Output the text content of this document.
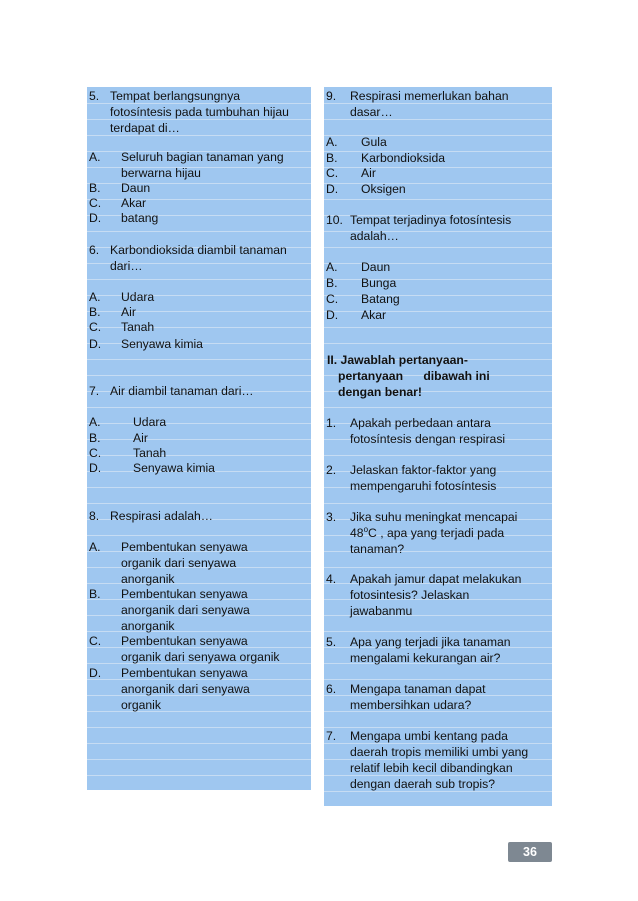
5. Tempat berlangsungnya
fotosíntesis pada tumbuhan hijau
terdapat di…
A. Seluruh bagian tanaman yang
berwarna hijau
B. Daun
C. Akar
D. batang
6. Karbondioksida diambil tanaman
dari…
A. Udara
B. Air
C. Tanah
D. Senyawa kimia
7. Air diambil tanaman dari…
A.	Udara
B.	Air
C.	Tanah
D.	Senyawa kimia
8. Respirasi adalah…
A. Pembentukan senyawa
organik dari senyawa
anorganik
B. Pembentukan senyawa
anorganik dari senyawa
anorganik
C. Pembentukan senyawa
organik dari senyawa organik
D. Pembentukan senyawa
anorganik dari senyawa
organik
9. Respirasi memerlukan bahan
dasar…
A. Gula
B. Karbondioksida
C. Air
D. Oksigen
10. Tempat terjadinya fotosíntesis
adalah…
A. Daun
B. Bunga
C. Batang
D. Akar
II. Jawablah pertanyaan-
pertanyaan      dibawah ini
dengan benar!
1. Apakah perbedaan antara
fotosíntesis dengan respirasi
2. Jelaskan faktor-faktor yang
mempengaruhi fotosíntesis
3. Jika suhu meningkat mencapai
48$^o$C , apa yang terjadi pada
tanaman?
4. Apakah jamur dapat melakukan
fotosintesis? Jelaskan
jawabanmu
5. Apa yang terjadi jika tanaman
mengalami kekurangan air?
6. Mengapa tanaman dapat
membersihkan udara?
7. Mengapa umbi kentang pada
daerah tropis memiliki umbi yang
relatif lebih kecil dibandingkan
dengan daerah sub tropis?
36
